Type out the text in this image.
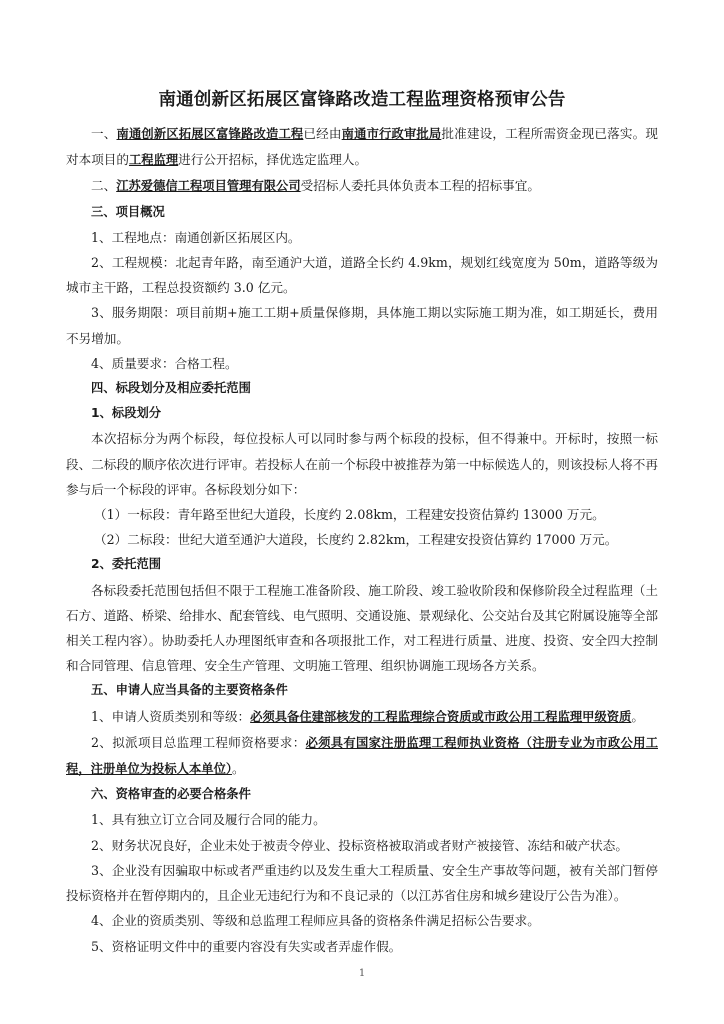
南通创新区拓展区富锋路改造工程监理资格预审公告

一、南通创新区拓展区富锋路改造工程已经由南通市行政审批局批准建设，工程所需资金现已落实。现对本项目的工程监理进行公开招标，择优选定监理人。

二、江苏爱德信工程项目管理有限公司受招标人委托具体负责本工程的招标事宜。

三、项目概况

1、工程地点：南通创新区拓展区内。

2、工程规模：北起青年路，南至通沪大道，道路全长约 4.9km，规划红线宽度为 50m，道路等级为城市主干路，工程总投资额约 3.0 亿元。

3、服务期限：项目前期+施工工期+质量保修期，具体施工期以实际施工期为准，如工期延长，费用不另增加。

4、质量要求：合格工程。

四、标段划分及相应委托范围

1、标段划分

本次招标分为两个标段，每位投标人可以同时参与两个标段的投标，但不得兼中。开标时，按照一标段、二标段的顺序依次进行评审。若投标人在前一个标段中被推荐为第一中标候选人的，则该投标人将不再参与后一个标段的评审。各标段划分如下：

（1）一标段：青年路至世纪大道段，长度约 2.08km，工程建安投资估算约 13000 万元。

（2）二标段：世纪大道至通沪大道段，长度约 2.82km，工程建安投资估算约 17000 万元。

2、委托范围

各标段委托范围包括但不限于工程施工准备阶段、施工阶段、竣工验收阶段和保修阶段全过程监理（土石方、道路、桥梁、给排水、配套管线、电气照明、交通设施、景观绿化、公交站台及其它附属设施等全部相关工程内容）。协助委托人办理图纸审查和各项报批工作，对工程进行质量、进度、投资、安全四大控制和合同管理、信息管理、安全生产管理、文明施工管理、组织协调施工现场各方关系。

五、申请人应当具备的主要资格条件

1、申请人资质类别和等级：必须具备住建部核发的工程监理综合资质或市政公用工程监理甲级资质。

2、拟派项目总监理工程师资格要求：必须具有国家注册监理工程师执业资格（注册专业为市政公用工程，注册单位为投标人本单位）。

六、资格审查的必要合格条件

1、具有独立订立合同及履行合同的能力。

2、财务状况良好，企业未处于被责令停业、投标资格被取消或者财产被接管、冻结和破产状态。

3、企业没有因骗取中标或者严重违约以及发生重大工程质量、安全生产事故等问题，被有关部门暂停投标资格并在暂停期内的，且企业无违纪行为和不良记录的（以江苏省住房和城乡建设厅公告为准）。

4、企业的资质类别、等级和总监理工程师应具备的资格条件满足招标公告要求。

5、资格证明文件中的重要内容没有失实或者弄虚作假。

1
